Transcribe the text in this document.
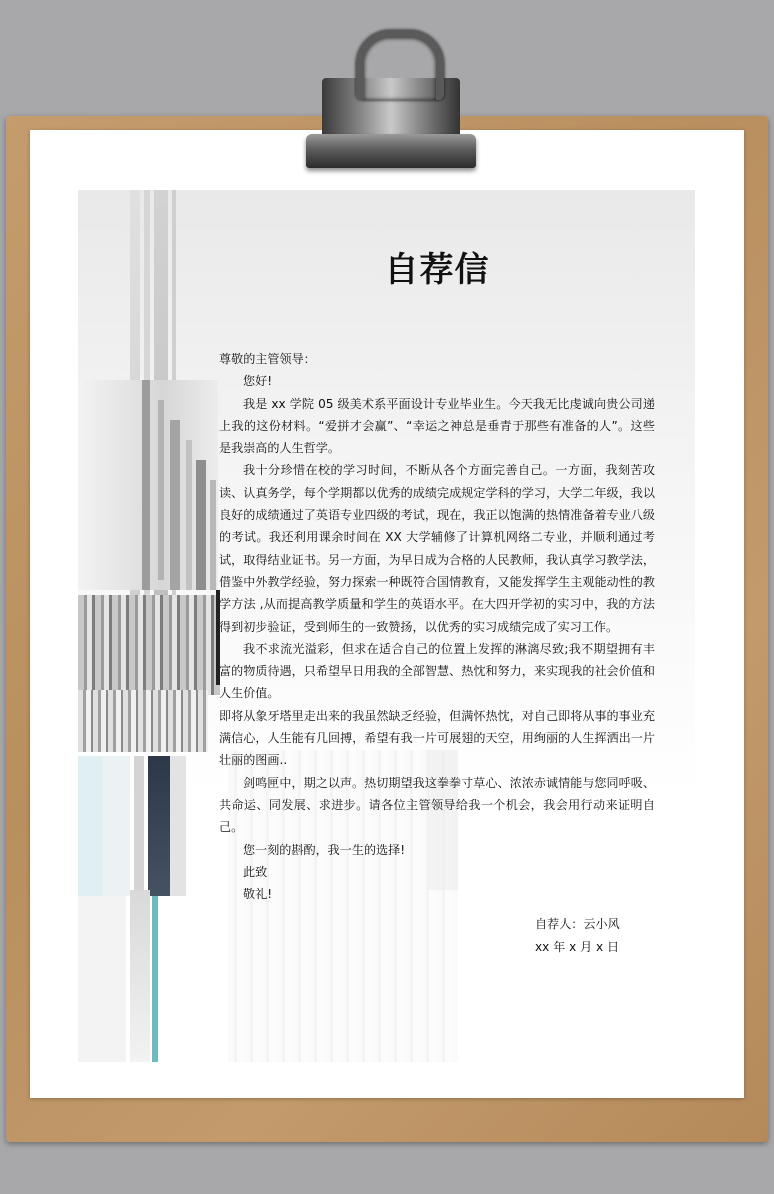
自荐信

尊敬的主管领导：

您好!

我是 xx 学院 05 级美术系平面设计专业毕业生。今天我无比虔诚向贵公司递上我的这份材料。“爱拼才会赢”、“幸运之神总是垂青于那些有准备的人”。这些是我崇高的人生哲学。

我十分珍惜在校的学习时间，不断从各个方面完善自己。一方面，我刻苦攻读、认真务学，每个学期都以优秀的成绩完成规定学科的学习，大学二年级，我以良好的成绩通过了英语专业四级的考试，现在，我正以饱满的热情准备着专业八级的考试。我还利用课余时间在 XX 大学辅修了计算机网络二专业，并顺利通过考试，取得结业证书。另一方面，为早日成为合格的人民教师，我认真学习教学法，借鉴中外教学经验，努力探索一种既符合国情教育，又能发挥学生主观能动性的教学方法 ,从而提高教学质量和学生的英语水平。在大四开学初的实习中，我的方法得到初步验证，受到师生的一致赞扬，以优秀的实习成绩完成了实习工作。

我不求流光溢彩，但求在适合自己的位置上发挥的淋漓尽致;我不期望拥有丰富的物质待遇，只希望早日用我的全部智慧、热忱和努力，来实现我的社会价值和人生价值。

即将从象牙塔里走出来的我虽然缺乏经验，但满怀热忱，对自己即将从事的事业充满信心，人生能有几回搏，希望有我一片可展翅的天空，用绚丽的人生挥洒出一片壮丽的图画..

剑鸣匣中，期之以声。热切期望我这拳拳寸草心、浓浓赤诚情能与您同呼吸、共命运、同发展、求进步。请各位主管领导给我一个机会，我会用行动来证明自己。

您一刻的斟酌，我一生的选择!

此致

敬礼!

自荐人：云小风

xx 年 x 月 x 日
